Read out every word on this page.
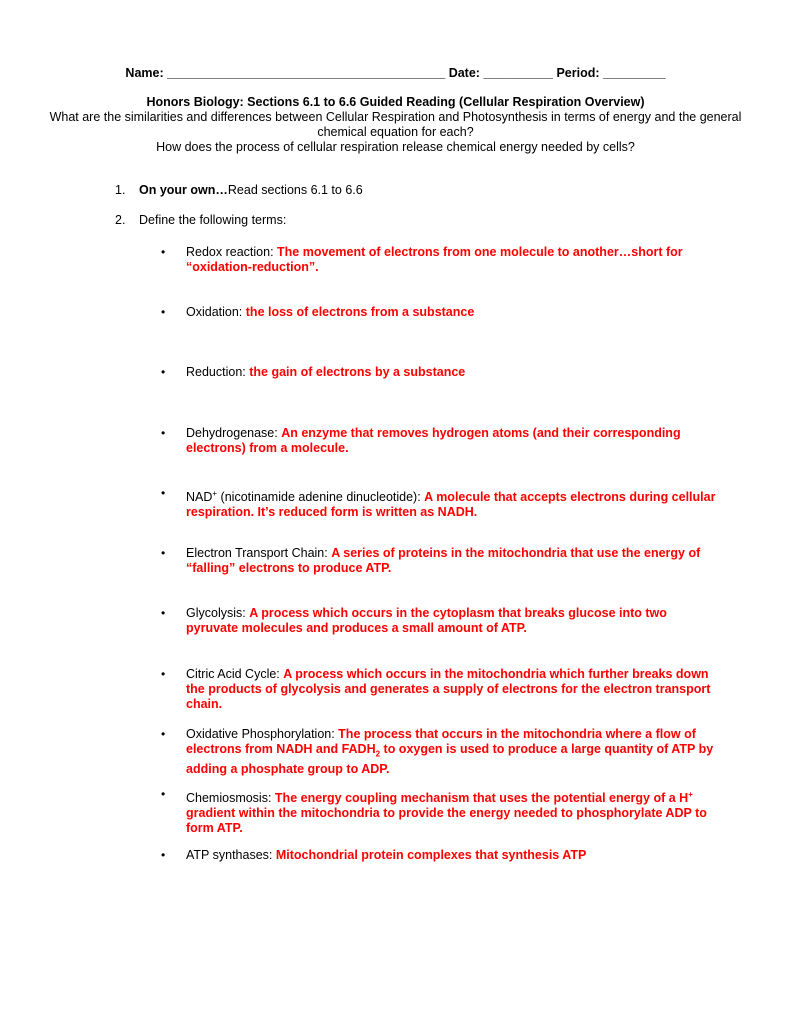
Name: ________________________________________ Date: __________ Period: _________
Honors Biology: Sections 6.1 to 6.6 Guided Reading (Cellular Respiration Overview)
What are the similarities and differences between Cellular Respiration and Photosynthesis in terms of energy and the general chemical equation for each?
How does the process of cellular respiration release chemical energy needed by cells?
1. On your own…Read sections 6.1 to 6.6
2. Define the following terms:
• Redox reaction: The movement of electrons from one molecule to another…short for “oxidation-reduction”.
• Oxidation: the loss of electrons from a substance
• Reduction: the gain of electrons by a substance
• Dehydrogenase: An enzyme that removes hydrogen atoms (and their corresponding electrons) from a molecule.
• NAD+ (nicotinamide adenine dinucleotide): A molecule that accepts electrons during cellular respiration. It’s reduced form is written as NADH.
• Electron Transport Chain: A series of proteins in the mitochondria that use the energy of “falling” electrons to produce ATP.
• Glycolysis: A process which occurs in the cytoplasm that breaks glucose into two pyruvate molecules and produces a small amount of ATP.
• Citric Acid Cycle: A process which occurs in the mitochondria which further breaks down the products of glycolysis and generates a supply of electrons for the electron transport chain.
• Oxidative Phosphorylation: The process that occurs in the mitochondria where a flow of electrons from NADH and $FADH_2$ to oxygen is used to produce a large quantity of ATP by adding a phosphate group to ADP.
• Chemiosmosis: The energy coupling mechanism that uses the potential energy of a H+ gradient within the mitochondria to provide the energy needed to phosphorylate ADP to form ATP.
• ATP synthases: Mitochondrial protein complexes that synthesis ATP
